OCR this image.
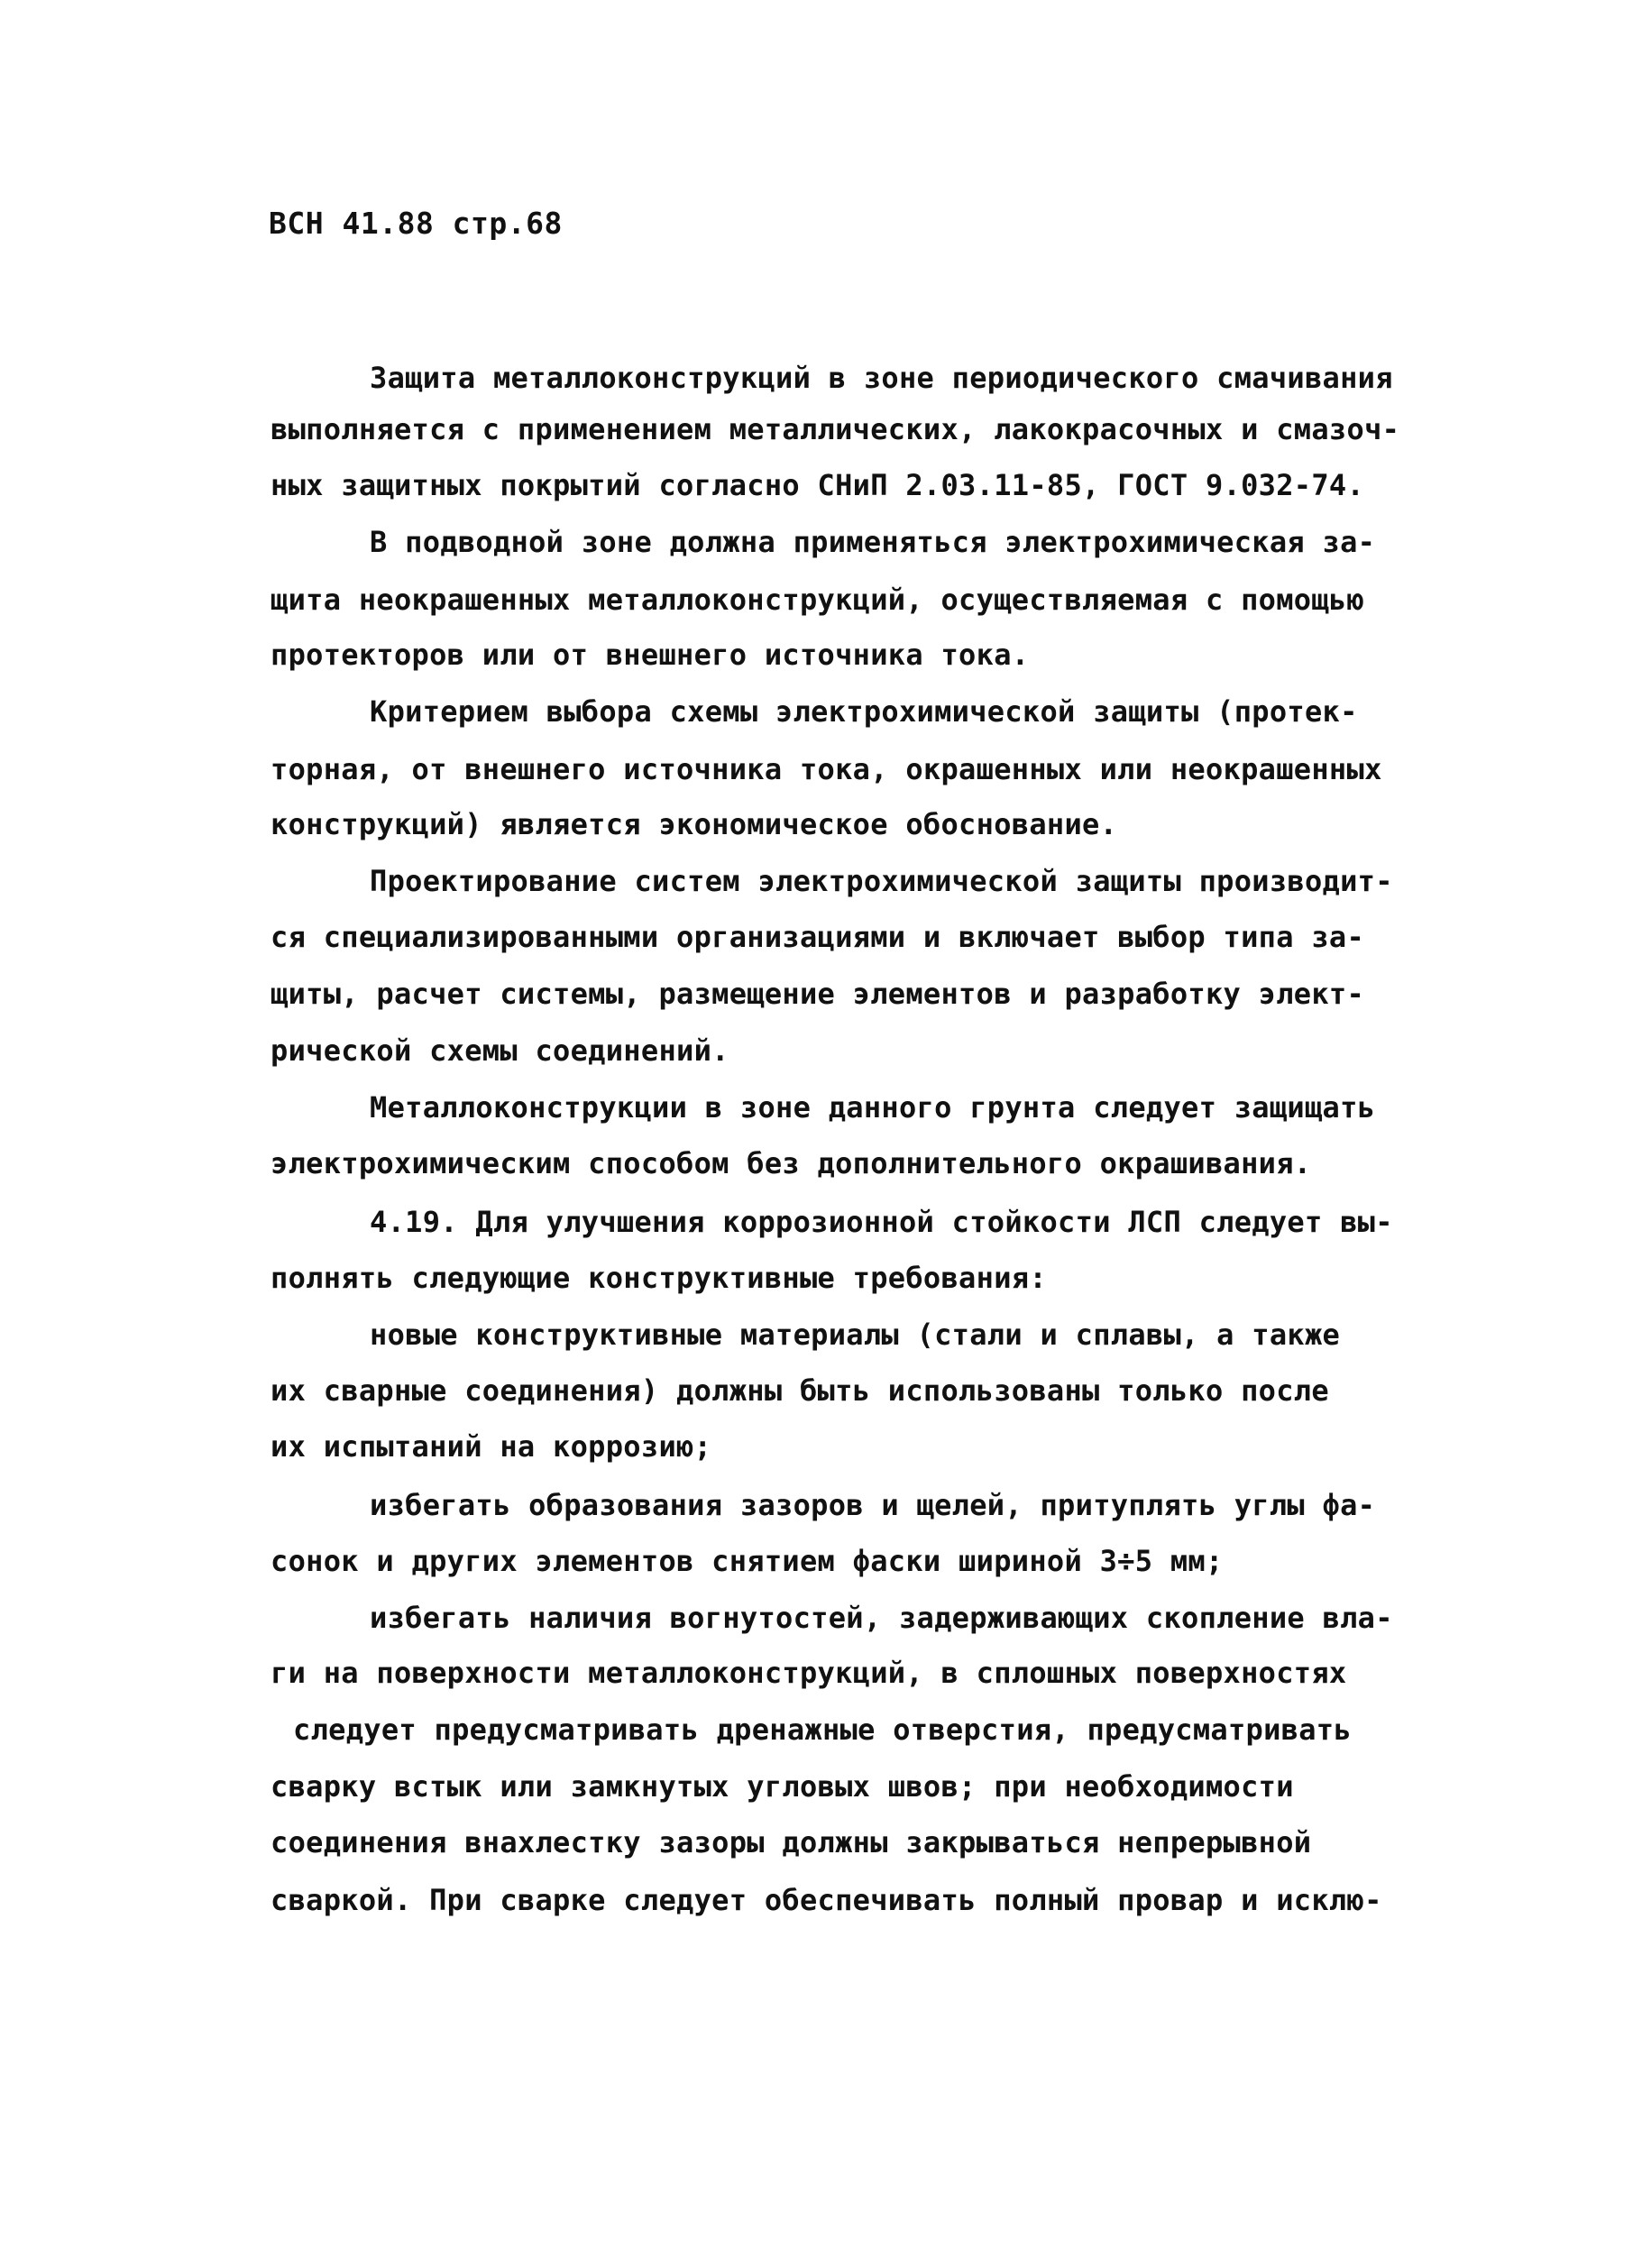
ВСН 41.88 стр.68
Защита металлоконструкций в зоне периодического смачивания
выполняется с применением металлических, лакокрасочных и смазоч-
ных защитных покрытий согласно СНиП 2.03.11-85, ГОСТ 9.032-74.
В подводной зоне должна применяться электрохимическая за-
щита неокрашенных металлоконструкций, осуществляемая с помощью
протекторов или от внешнего источника тока.
Критерием выбора схемы электрохимической защиты (протек-
торная, от внешнего источника тока, окрашенных или неокрашенных
конструкций) является экономическое обоснование.
Проектирование систем электрохимической защиты производит-
ся специализированными организациями и включает выбор типа за-
щиты, расчет системы, размещение элементов и разработку элект-
рической схемы соединений.
Металлоконструкции в зоне данного грунта следует защищать
электрохимическим способом без дополнительного окрашивания.
4.19. Для улучшения коррозионной стойкости ЛСП следует вы-
полнять следующие конструктивные требования:
новые конструктивные материалы (стали и сплавы, а также
их сварные соединения) должны быть использованы только после
их испытаний на коррозию;
избегать образования зазоров и щелей, притуплять углы фа-
сонок и других элементов снятием фаски шириной 3÷5 мм;
избегать наличия вогнутостей, задерживающих скопление вла-
ги на поверхности металлоконструкций, в сплошных поверхностях
следует предусматривать дренажные отверстия, предусматривать
сварку встык или замкнутых угловых швов; при необходимости
соединения внахлестку зазоры должны закрываться непрерывной
сваркой. При сварке следует обеспечивать полный провар и исклю-
